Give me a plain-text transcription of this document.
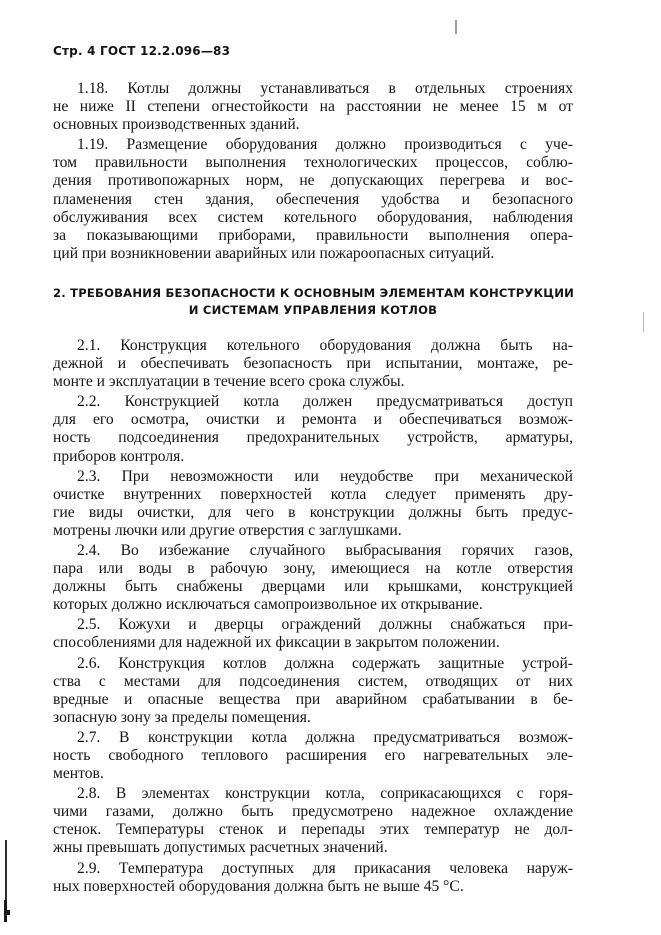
Стр. 4 ГОСТ 12.2.096—83
1.18. Котлы должны устанавливаться в отдельных строениях
не ниже II степени огнестойкости на расстоянии не менее 15 м от
основных производственных зданий.
1.19. Размещение оборудования должно производиться с уче-
том правильности выполнения технологических процессов, соблю-
дения противопожарных норм, не допускающих перегрева и вос-
пламенения стен здания, обеспечения удобства и безопасного
обслуживания всех систем котельного оборудования, наблюдения
за показывающими приборами, правильности выполнения опера-
ций при возникновении аварийных или пожароопасных ситуаций.
2. ТРЕБОВАНИЯ БЕЗОПАСНОСТИ К ОСНОВНЫМ ЭЛЕМЕНТАМ КОНСТРУКЦИИ
И СИСТЕМАМ УПРАВЛЕНИЯ КОТЛОВ
2.1. Конструкция котельного оборудования должна быть на-
дежной и обеспечивать безопасность при испытании, монтаже, ре-
монте и эксплуатации в течение всего срока службы.
2.2. Конструкцией котла должен предусматриваться доступ
для его осмотра, очистки и ремонта и обеспечиваться возмож-
ность подсоединения предохранительных устройств, арматуры,
приборов контроля.
2.3. При невозможности или неудобстве при механической
очистке внутренних поверхностей котла следует применять дру-
гие виды очистки, для чего в конструкции должны быть предус-
мотрены лючки или другие отверстия с заглушками.
2.4. Во избежание случайного выбрасывания горячих газов,
пара или воды в рабочую зону, имеющиеся на котле отверстия
должны быть снабжены дверцами или крышками, конструкцией
которых должно исключаться самопроизвольное их открывание.
2.5. Кожухи и дверцы ограждений должны снабжаться при-
способлениями для надежной их фиксации в закрытом положении.
2.6. Конструкция котлов должна содержать защитные устрой-
ства с местами для подсоединения систем, отводящих от них
вредные и опасные вещества при аварийном срабатывании в бе-
зопасную зону за пределы помещения.
2.7. В конструкции котла должна предусматриваться возмож-
ность свободного теплового расширения его нагревательных эле-
ментов.
2.8. В элементах конструкции котла, соприкасающихся с горя-
чими газами, должно быть предусмотрено надежное охлаждение
стенок. Температуры стенок и перепады этих температур не дол-
жны превышать допустимых расчетных значений.
2.9. Температура доступных для прикасания человека наруж-
ных поверхностей оборудования должна быть не выше 45 °С.
